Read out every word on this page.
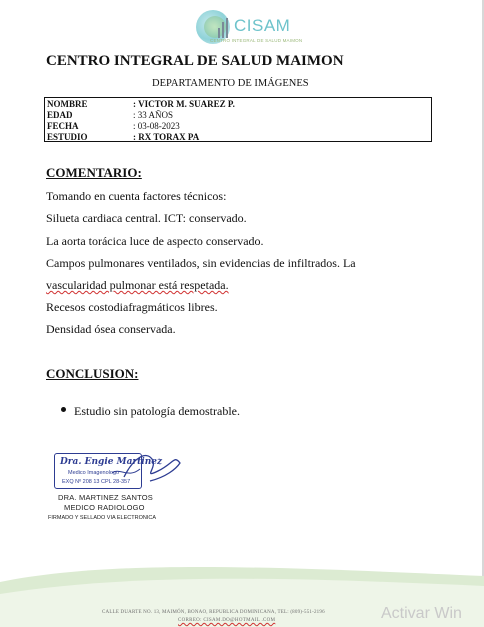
CISAM
CENTRO INTEGRAL DE SALUD MAIMON
CENTRO INTEGRAL DE SALUD MAIMON
DEPARTAMENTO DE IMÁGENES
NOMBRE	: VICTOR M. SUAREZ P.
EDAD	: 33 AÑOS
FECHA	: 03-08-2023
ESTUDIO	: RX TORAX PA
COMENTARIO:
Tomando en cuenta factores técnicos:
Silueta cardiaca central. ICT: conservado.
La aorta torácica luce de aspecto conservado.
Campos pulmonares ventilados, sin evidencias de infiltrados. La
vascularidad pulmonar está respetada.
Recesos costodiafragmáticos libres.
Densidad ósea conservada.
CONCLUSION:
Estudio sin patología demostrable.
Dra. Engie Martinez
Medico Imagenologo
EXQ Nº 208 13 CPL 28-357
DRA. MARTINEZ SANTOS
MEDICO RADIOLOGO
FIRMADO Y SELLADO VIA ELECTRONICA
CALLE DUARTE NO. 13, MAIMÓN, BONAO, REPUBLICA DOMINICANA, TEL: (809)-551-2196
CORREO: CISAM.DO@HOTMAIL .COM	Activar Win
